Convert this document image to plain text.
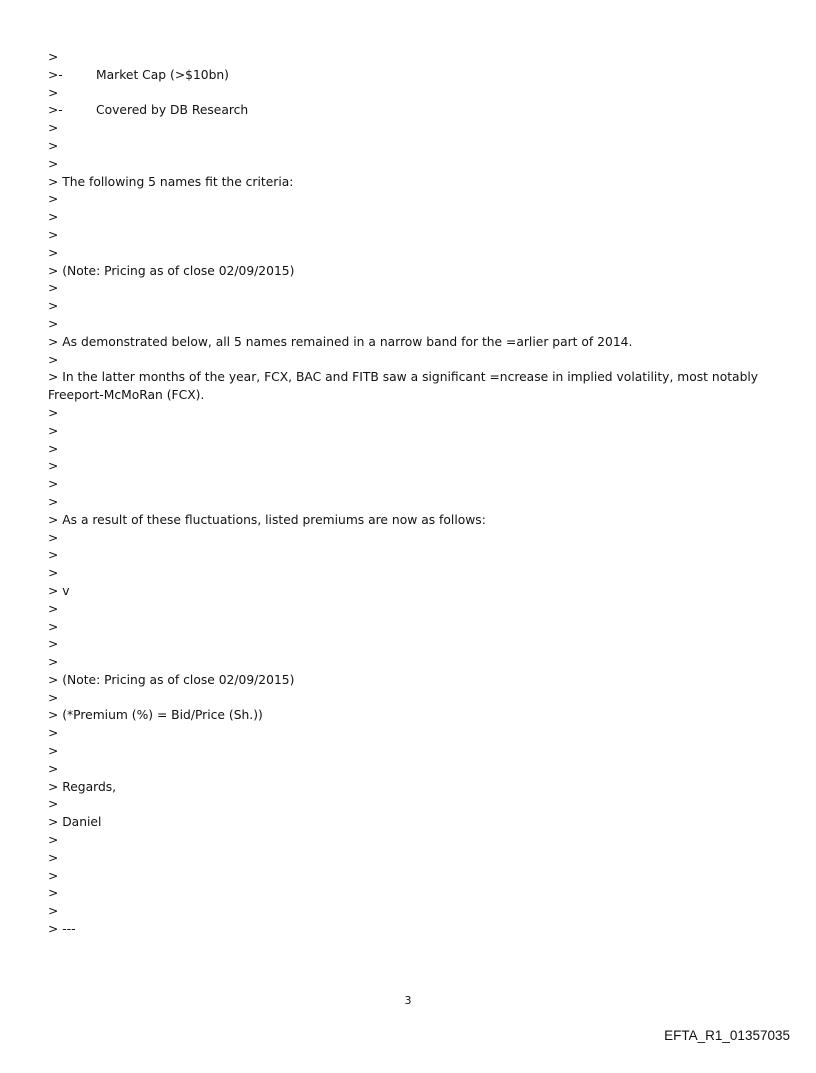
>
>-	Market Cap (>$10bn)
>
>-	Covered by DB Research
>
>
>
> The following 5 names fit the criteria:
>
>
>
>
> (Note: Pricing as of close 02/09/2015)
>
>
>
> As demonstrated below, all 5 names remained in a narrow band for the =arlier part of 2014.
>
> In the latter months of the year, FCX, BAC and FITB saw a significant =ncrease in implied volatility, most notably Freeport-McMoRan (FCX).
>
>
>
>
>
>
> As a result of these fluctuations, listed premiums are now as follows:
>
>
>
> v
>
>
>
>
> (Note: Pricing as of close 02/09/2015)
>
> (*Premium (%) = Bid/Price (Sh.))
>
>
>
> Regards,
>
> Daniel
>
>
>
>
>
> ---
3
EFTA_R1_01357035
